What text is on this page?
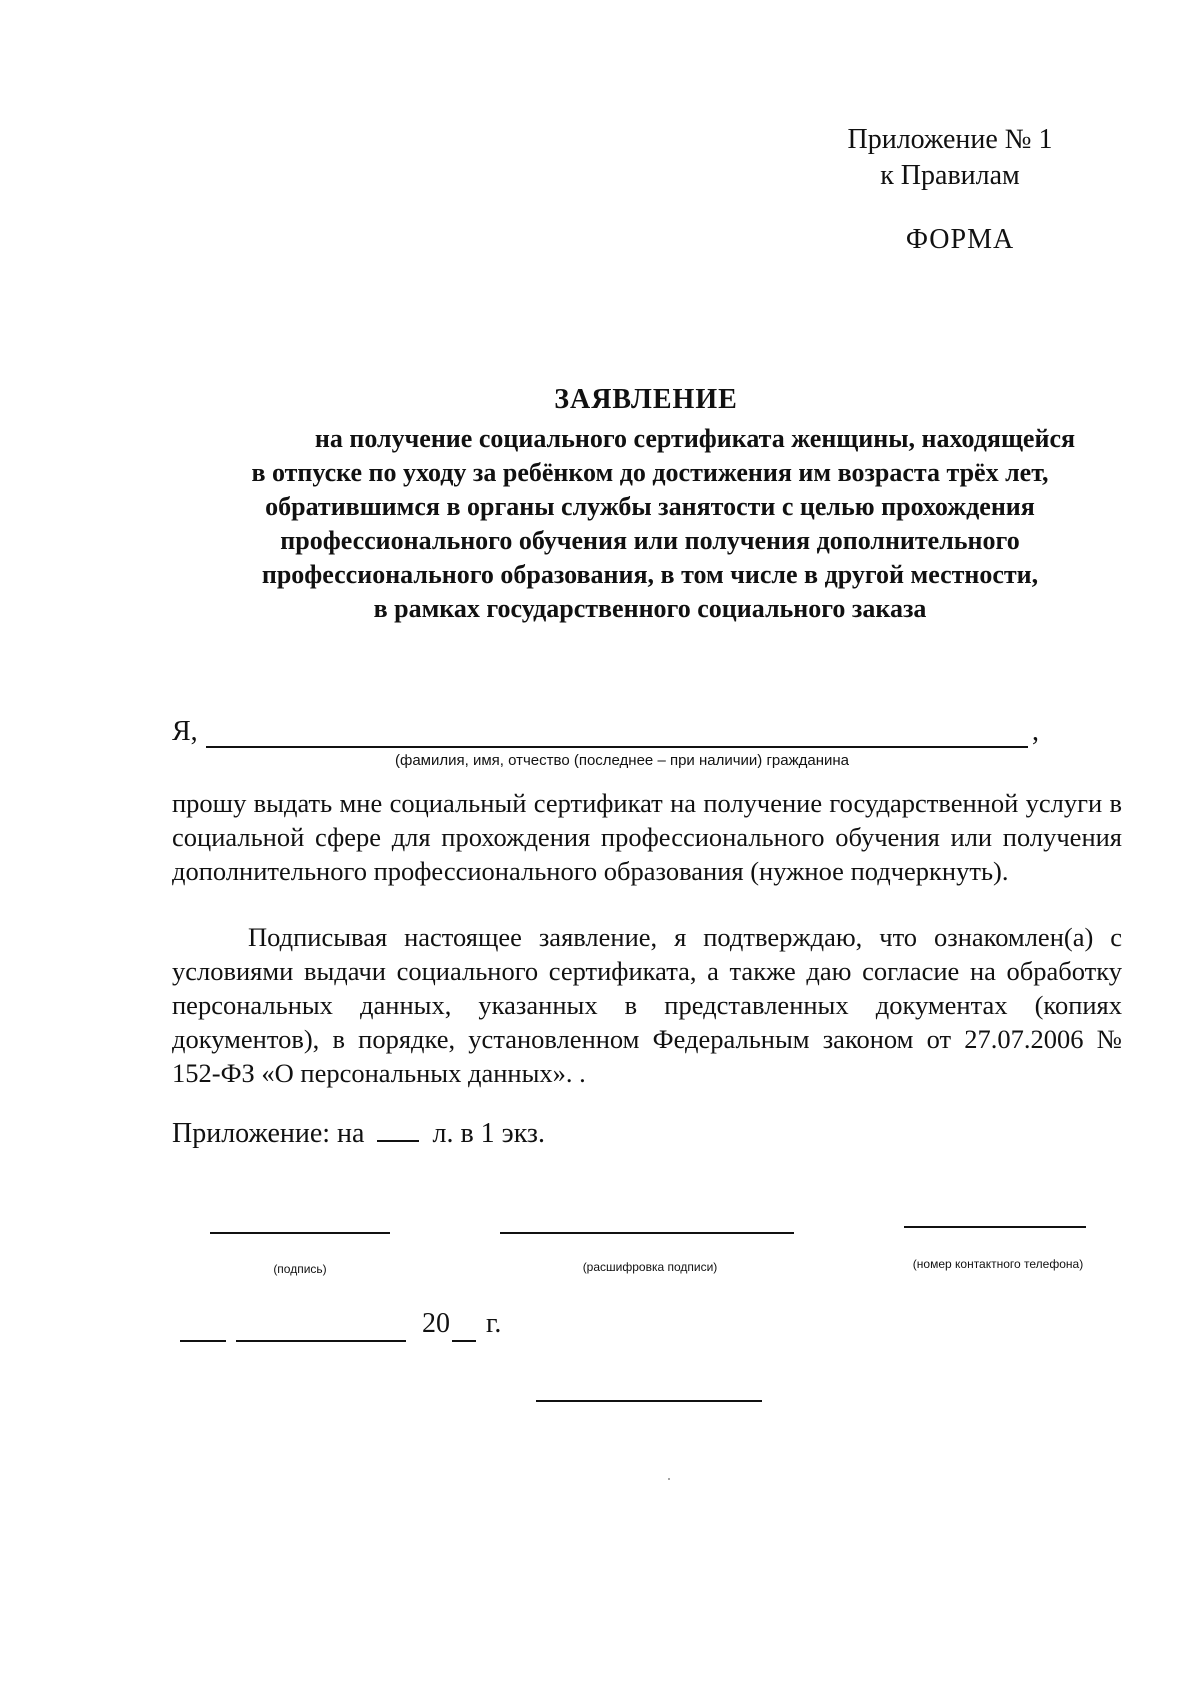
Приложение № 1
к Правилам
ФОРМА
ЗАЯВЛЕНИЕ
на получение социального сертификата женщины, находящейся
в отпуске по уходу за ребёнком до достижения им возраста трёх лет,
обратившимся в органы службы занятости с целью прохождения
профессионального обучения или получения дополнительного
профессионального образования, в том числе в другой местности,
в рамках государственного социального заказа
Я,	,
(фамилия, имя, отчество (последнее – при наличии) гражданина
прошу выдать мне социальный сертификат на получение государственной услуги в социальной сфере для прохождения профессионального обучения или получения дополнительного профессионального образования (нужное подчеркнуть).
Подписывая настоящее заявление, я подтверждаю, что ознакомлен(а) с условиями выдачи социального сертификата, а также даю согласие на обработку персональных данных, указанных в представленных документах (копиях документов), в порядке, установленном Федеральным законом от 27.07.2006 № 152-ФЗ «О персональных данных». .
Приложение: на л. в 1 экз.
(подпись)	(расшифровка подписи)	(номер контактного телефона)
20 г.
